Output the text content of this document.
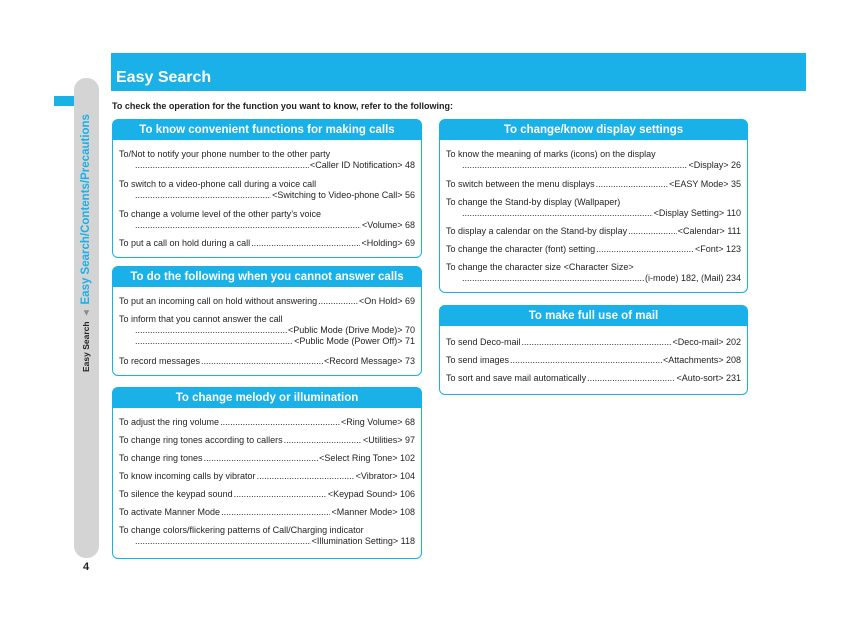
Easy Search◄Easy Search/Contents/Precautions
4
Easy Search
To check the operation for the function you want to know, refer to the following:
To know convenient functions for making calls
To/Not to notify your phone number to the other party
.....
<Caller ID Notification> 48
To switch to a video-phone call during a voice call
.....
<Switching to Video-phone Call> 56
To change a volume level of the other party’s voice
.....
<Volume> 68
To put a call on hold during a call .....	<Holding> 69
To do the following when you cannot answer calls
To put an incoming call on hold without answering .....	<On Hold> 69
To inform that you cannot answer the call
.....
<Public Mode (Drive Mode)> 70
.....
<Public Mode (Power Off)> 71
To record messages .....	<Record Message> 73
To change melody or illumination
To adjust the ring volume .....	<Ring Volume> 68
To change ring tones according to callers .....	<Utilities> 97
To change ring tones .....	<Select Ring Tone> 102
To know incoming calls by vibrator .....	<Vibrator> 104
To silence the keypad sound .....	<Keypad Sound> 106
To activate Manner Mode .....	<Manner Mode> 108
To change colors/flickering patterns of Call/Charging indicator
.....
<Illumination Setting> 118
To change/know display settings
To know the meaning of marks (icons) on the display
.....
<Display> 26
To switch between the menu displays .....	<EASY Mode> 35
To change the Stand-by display (Wallpaper)
.....
<Display Setting> 110
To display a calendar on the Stand-by display .....	<Calendar> 111
To change the character (font) setting .....	<Font> 123
To change the character size <Character Size>
.....
(i-mode) 182, (Mail) 234
To make full use of mail
To send Deco-mail .....	<Deco-mail> 202
To send images .....	<Attachments> 208
To sort and save mail automatically .....	<Auto-sort> 231
